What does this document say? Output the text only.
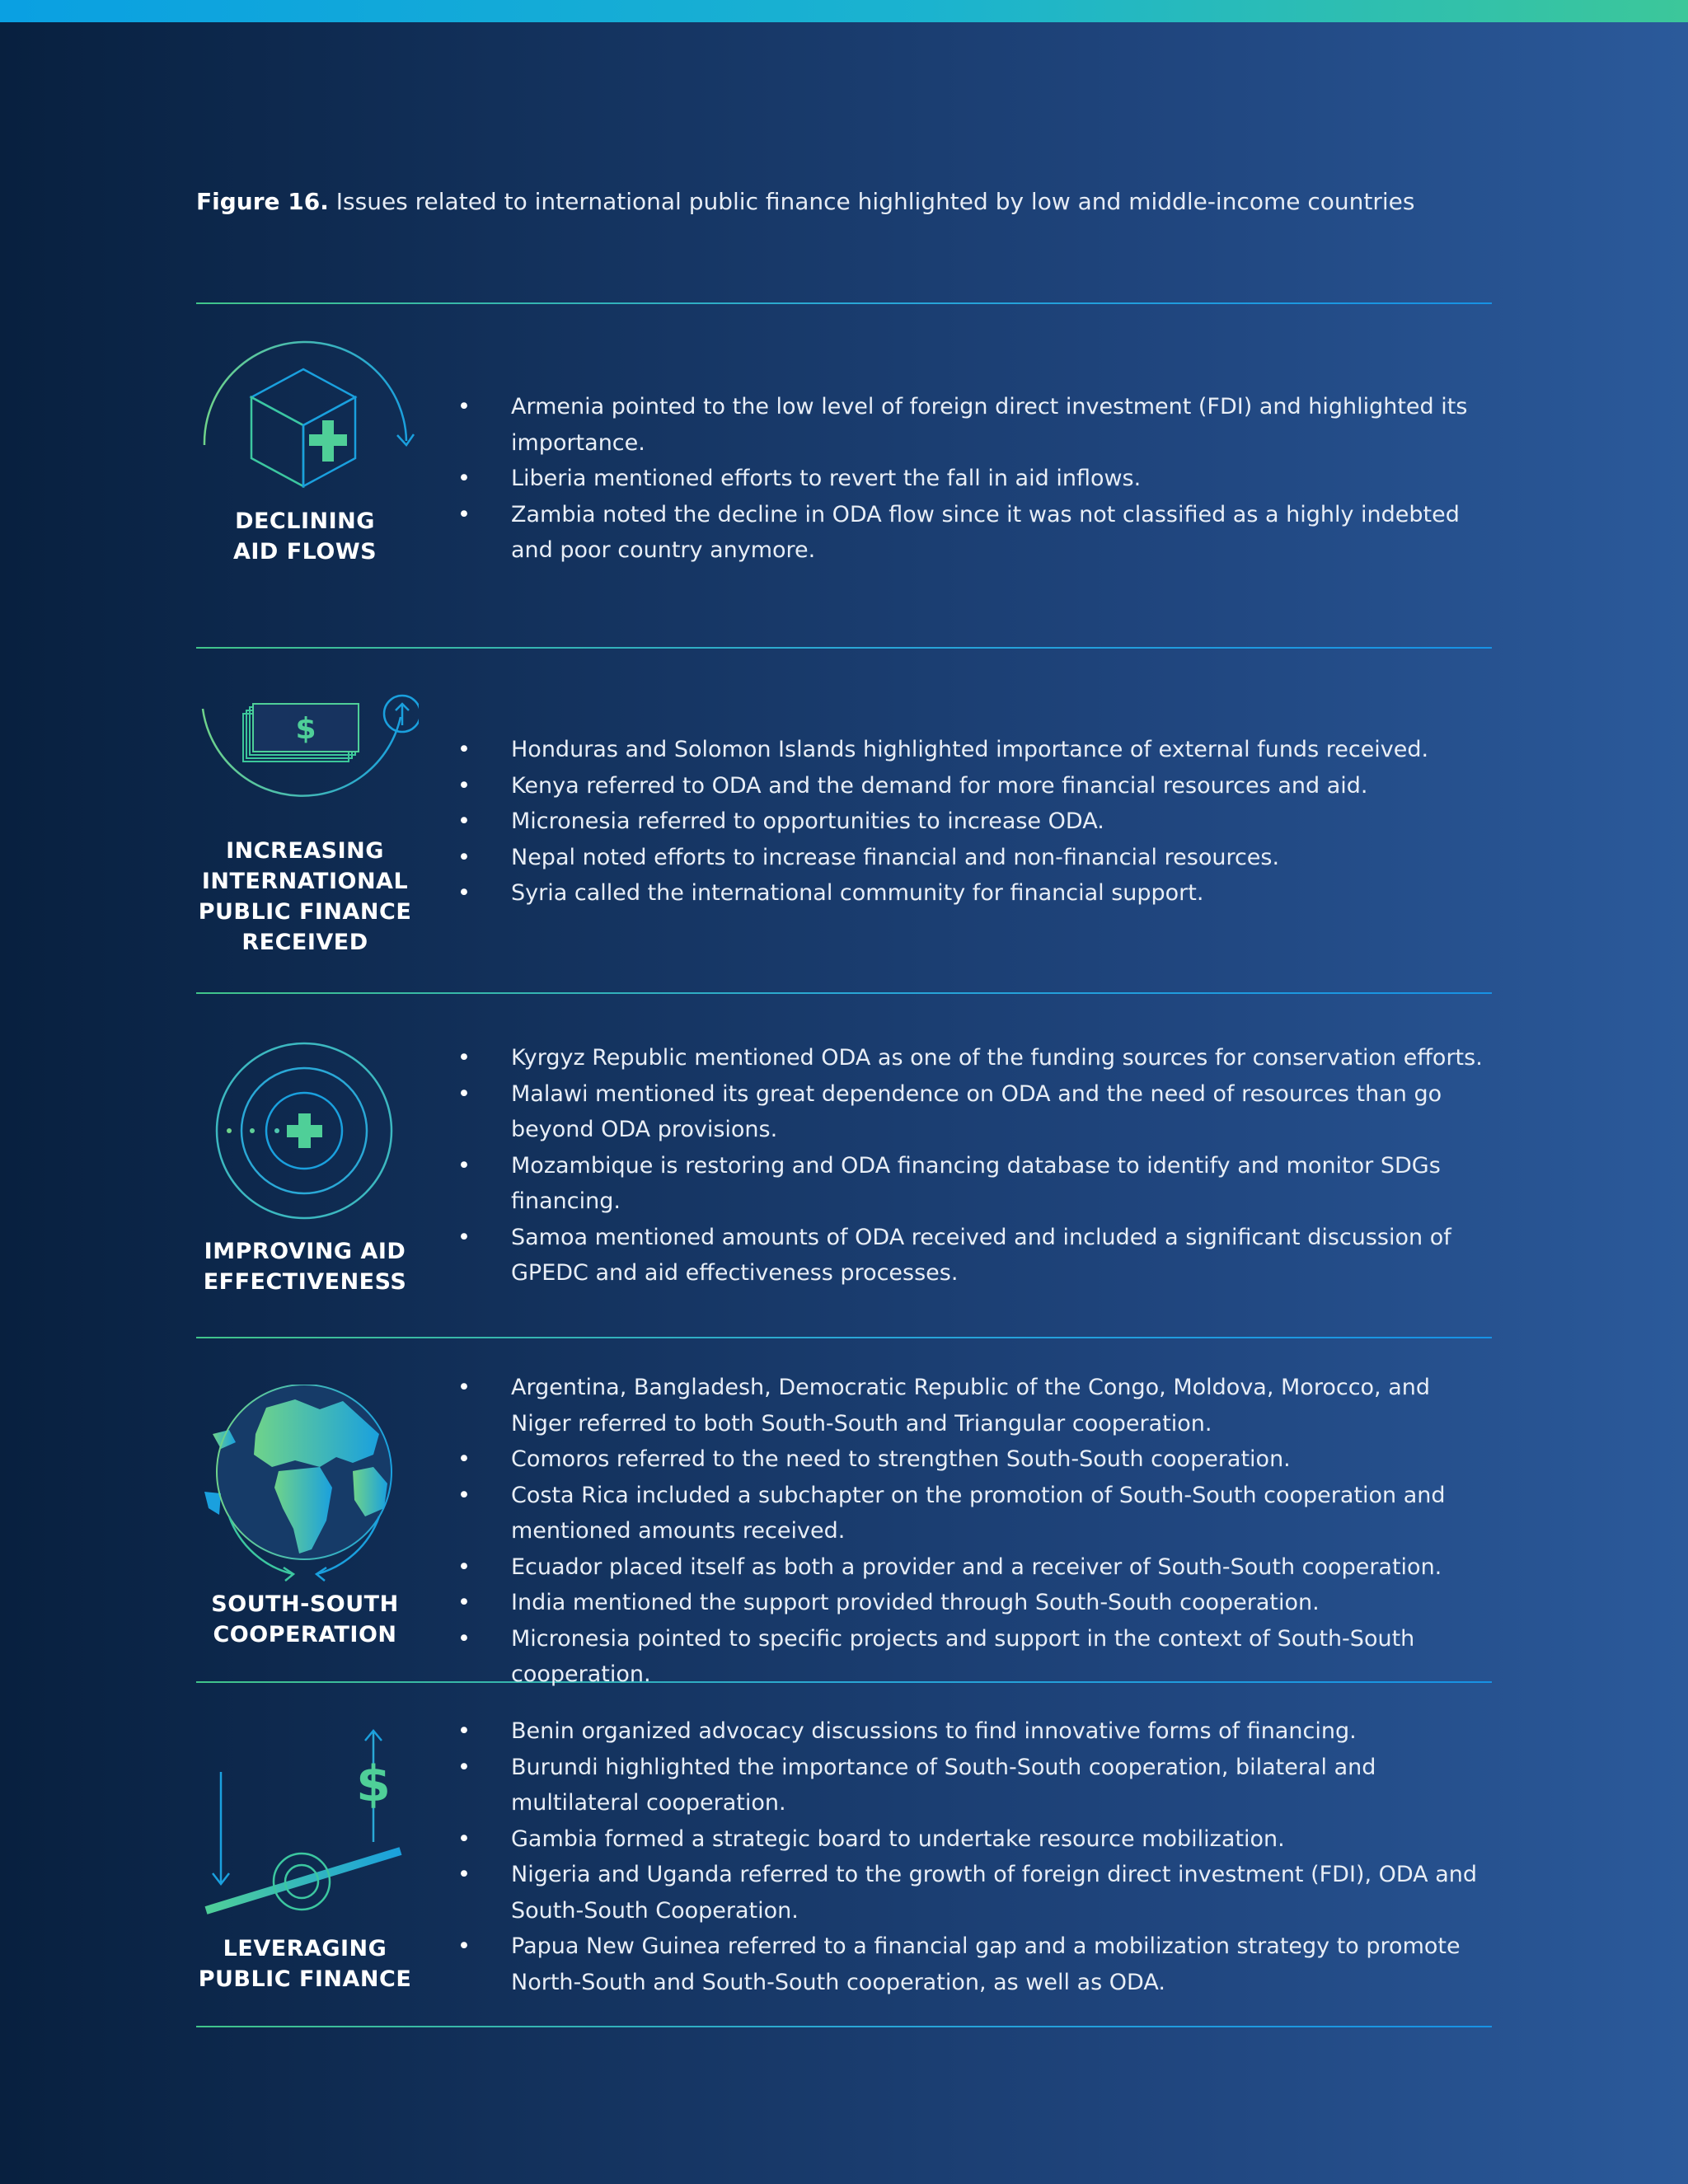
Figure 16. Issues related to international public finance highlighted by low and middle-income countries
DECLINING
AID FLOWS
• Armenia pointed to the low level of foreign direct investment (FDI) and highlighted its importance.
• Liberia mentioned efforts to revert the fall in aid inflows.
• Zambia noted the decline in ODA flow since it was not classified as a highly indebted and poor country anymore.
$
INCREASING
INTERNATIONAL
PUBLIC FINANCE
RECEIVED
• Honduras and Solomon Islands highlighted importance of external funds received.
• Kenya referred to ODA and the demand for more financial resources and aid.
• Micronesia referred to opportunities to increase ODA.
• Nepal noted efforts to increase financial and non-financial resources.
• Syria called the international community for financial support.
IMPROVING AID
EFFECTIVENESS
• Kyrgyz Republic mentioned ODA as one of the funding sources for conservation efforts.
• Malawi mentioned its great dependence on ODA and the need of resources than go beyond ODA provisions.
• Mozambique is restoring and ODA financing database to identify and monitor SDGs financing.
• Samoa mentioned amounts of ODA received and included a significant discussion of GPEDC and aid effectiveness processes.
SOUTH-SOUTH
COOPERATION
• Argentina, Bangladesh, Democratic Republic of the Congo, Moldova, Morocco, and Niger referred to both South-South and Triangular cooperation.
• Comoros referred to the need to strengthen South-South cooperation.
• Costa Rica included a subchapter on the promotion of South-South cooperation and mentioned amounts received.
• Ecuador placed itself as both a provider and a receiver of South-South cooperation.
• India mentioned the support provided through South-South cooperation.
• Micronesia pointed to specific projects and support in the context of South-South cooperation.
$
LEVERAGING
PUBLIC FINANCE
• Benin organized advocacy discussions to find innovative forms of financing.
• Burundi highlighted the importance of South-South cooperation, bilateral and multilateral cooperation.
• Gambia formed a strategic board to undertake resource mobilization.
• Nigeria and Uganda referred to the growth of foreign direct investment (FDI), ODA and South-South Cooperation.
• Papua New Guinea referred to a financial gap and a mobilization strategy to promote North-South and South-South cooperation, as well as ODA.
